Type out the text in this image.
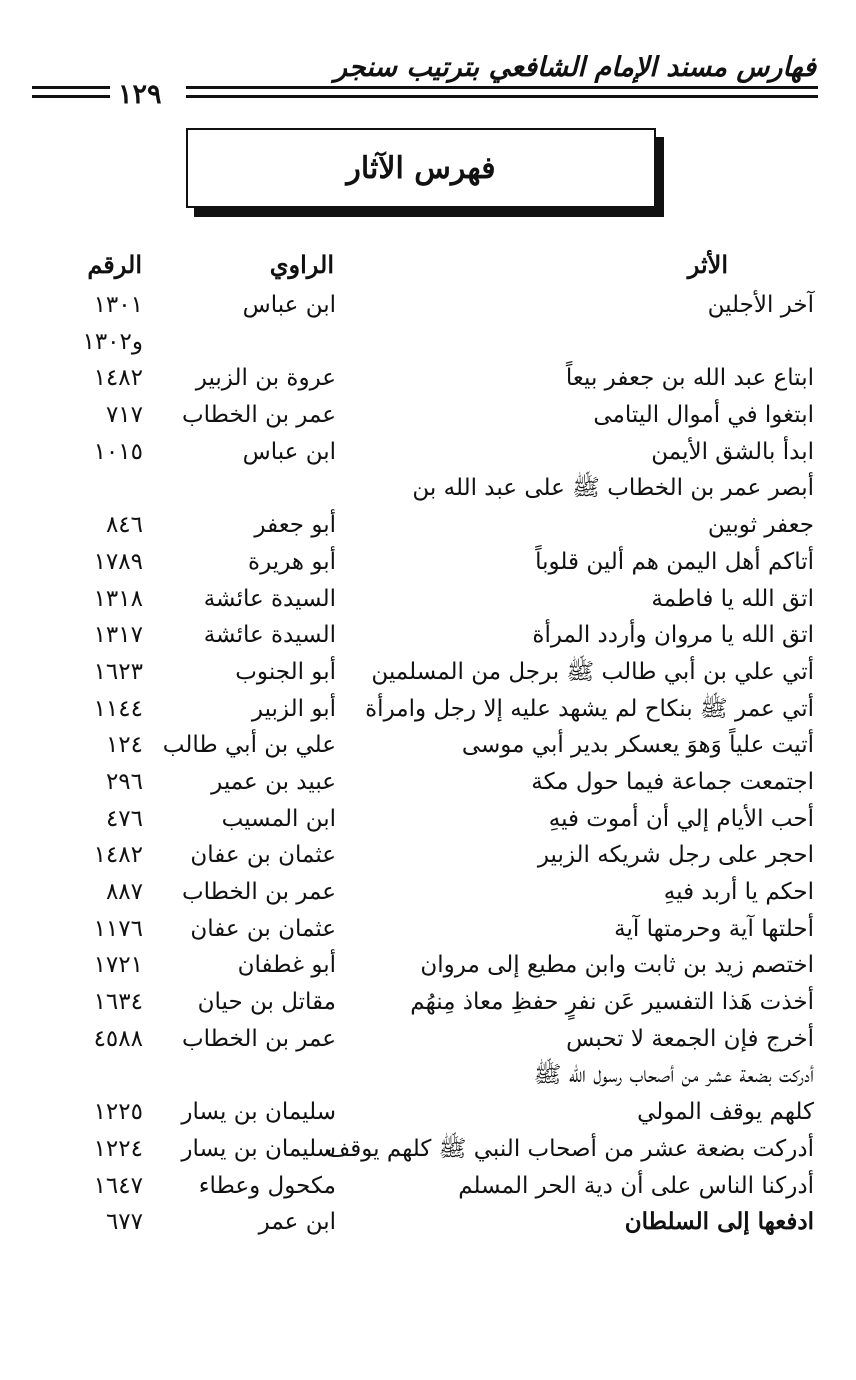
فهارس مسند الإمام الشافعي بترتيب سنجر
١٢٩
فهرس الآثار
الأثر
الراوي
الرقم
آخر الأجلين
ابن عباس
١٣٠١
و١٣٠٢
ابتاع عبد الله بن جعفر بيعاً
عروة بن الزبير
١٤٨٢
ابتغوا في أموال اليتامى
عمر بن الخطاب
٧١٧
ابدأ بالشق الأيمن
ابن عباس
١٠١٥
أبصر عمر بن الخطاب ﷺ على عبد الله بن
جعفر ثوبين
أبو جعفر
٨٤٦
أتاكم أهل اليمن هم ألين قلوباً
أبو هريرة
١٧٨٩
اتق الله يا فاطمة
السيدة عائشة
١٣١٨
اتق الله يا مروان وأردد المرأة
السيدة عائشة
١٣١٧
أتي علي بن أبي طالب ﷺ برجل من المسلمين
أبو الجنوب
١٦٢٣
أتي عمر ﷺ بنكاح لم يشهد عليه إلا رجل وامرأة
أبو الزبير
١١٤٤
أتيت علياً وَهوَ يعسكر بدير أبي موسى
علي بن أبي طالب
١٢٤
اجتمعت جماعة فيما حول مكة
عبيد بن عمير
٢٩٦
أحب الأيام إلي أن أموت فيهِ
ابن المسيب
٤٧٦
احجر على رجل شريكه الزبير
عثمان بن عفان
١٤٨٢
احكم يا أربد فيهِ
عمر بن الخطاب
٨٨٧
أحلتها آية وحرمتها آية
عثمان بن عفان
١١٧٦
اختصم زيد بن ثابت وابن مطيع إلى مروان
أبو غطفان
١٧٢١
أخذت هَذا التفسير عَن نفرٍ حفظِ معاذ مِنهُم
مقاتل بن حيان
١٦٣٤
أخرج فإن الجمعة لا تحبس
عمر بن الخطاب
٤٥٨٨
أدركت بضعة عشر من أصحاب رسول الله ﷺ
كلهم يوقف المولي
سليمان بن يسار
١٢٢٥
أدركت بضعة عشر من أصحاب النبي ﷺ كلهم يوقف
سليمان بن يسار
١٢٢٤
أدركنا الناس على أن دية الحر المسلم
مكحول وعطاء
١٦٤٧
ادفعها إلى السلطان
ابن عمر
٦٧٧
